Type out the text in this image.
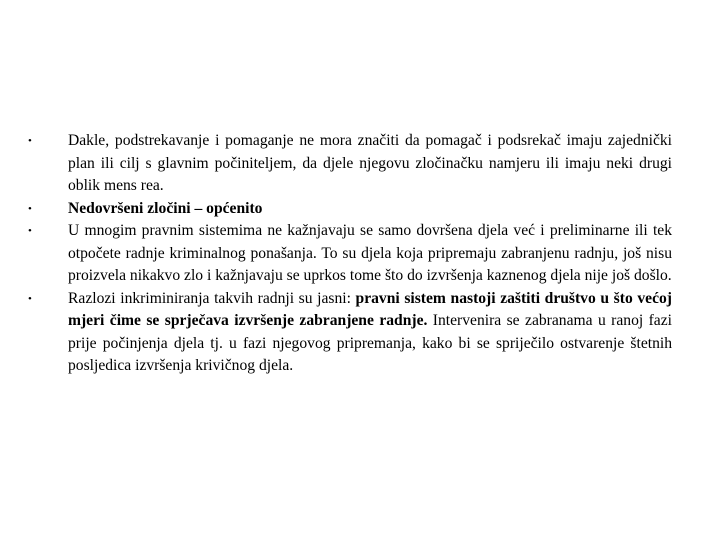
•	Dakle, podstrekavanje i pomaganje ne mora značiti da pomagač i podsrekač imaju zajednički plan ili cilj s glavnim počiniteljem, da djele njegovu zločinačku namjeru ili imaju neki drugi oblik mens rea.
•	Nedovršeni zločini – općenito
•	U mnogim pravnim sistemima ne kažnjavaju se samo dovršena djela već i preliminarne ili tek otpočete radnje kriminalnog ponašanja. To su djela koja pripremaju zabranjenu radnju, još nisu proizvela nikakvo zlo i kažnjavaju se uprkos tome što do izvršenja kaznenog djela nije još došlo.
•	Razlozi inkriminiranja takvih radnji su jasni: pravni sistem nastoji zaštiti društvo u što većoj mjeri čime se sprječava izvršenje zabranjene radnje. Intervenira se zabranama u ranoj fazi prije počinjenja djela tj. u fazi njegovog pripremanja, kako bi se spriječilo ostvarenje štetnih posljedica izvršenja krivičnog djela.
